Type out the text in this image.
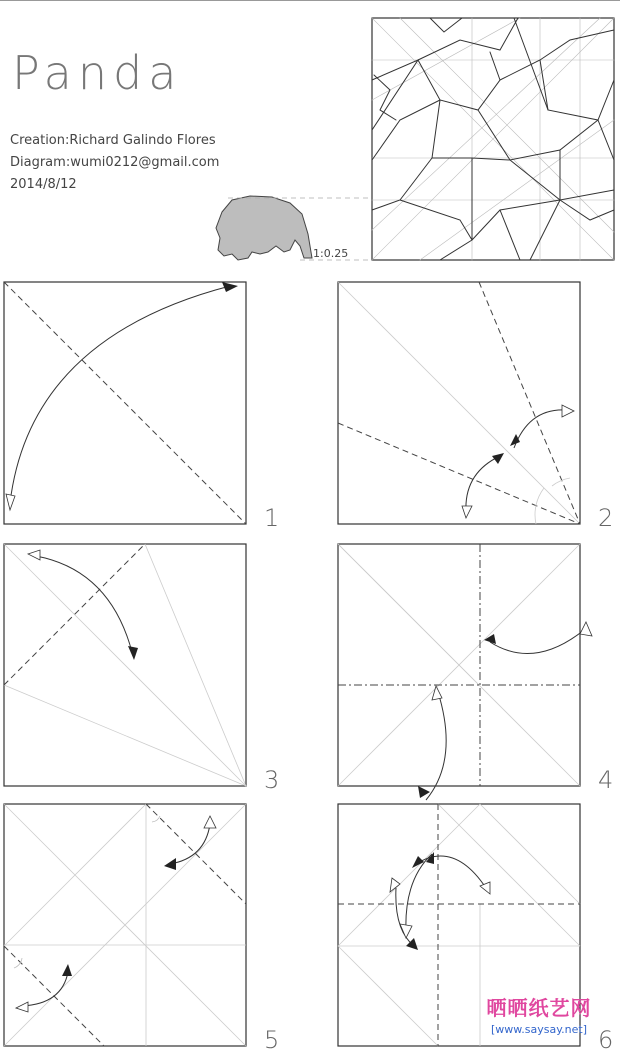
Panda
Creation:Richard Galindo Flores
Diagram:wumi0212@gmail.com
2014/8/12
1:0.25
1	2
3	4
5	6
晒晒纸艺网
[www.saysay.net]
